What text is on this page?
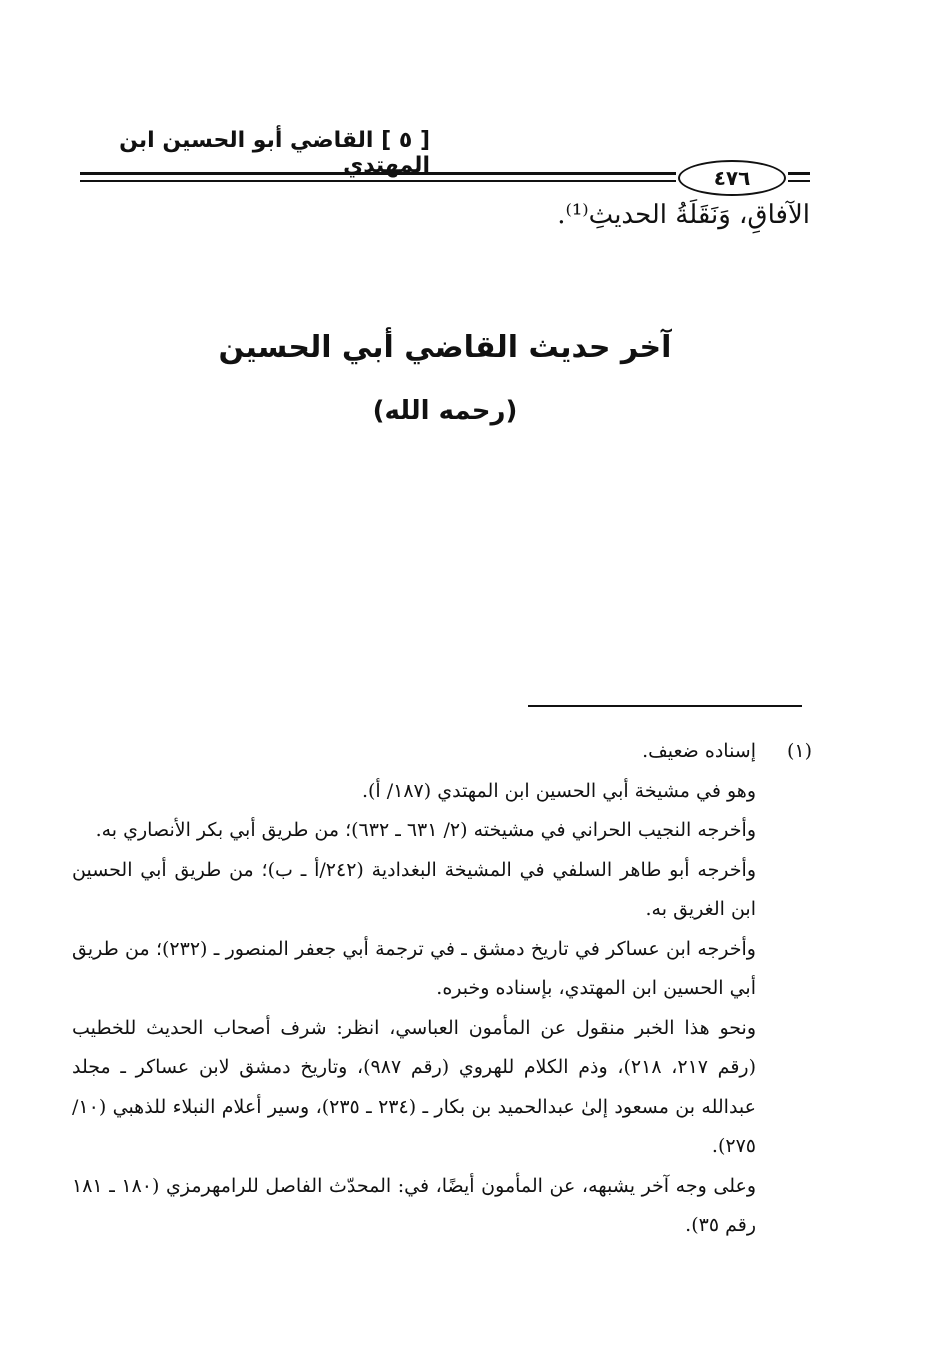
[ ٥ ] القاضي أبو الحسين ابن المهتدي	٤٧٦
الآفاقِ، وَنَقَلَةُ الحديثِ⁽¹⁾.
آخر حديث القاضي أبي الحسين
(رحمه الله)
(١)
إسناده ضعيف.

وهو في مشيخة أبي الحسين ابن المهتدي (١٨٧/ أ).

وأخرجه النجيب الحراني في مشيخته (٢/ ٦٣١ ـ ٦٣٢)؛ من طريق أبي بكر الأنصاري به.

وأخرجه أبو طاهر السلفي في المشيخة البغدادية (٢٤٢/أ ـ ب)؛ من طريق أبي الحسين ابن الغريق به.

وأخرجه ابن عساكر في تاريخ دمشق ـ في ترجمة أبي جعفر المنصور ـ (٢٣٢)؛ من طريق أبي الحسين ابن المهتدي، بإسناده وخبره.

ونحو هذا الخبر منقول عن المأمون العباسي، انظر: شرف أصحاب الحديث للخطيب (رقم ٢١٧، ٢١٨)، وذم الكلام للهروي (رقم ٩٨٧)، وتاريخ دمشق لابن عساكر ـ مجلد عبدالله بن مسعود إلىٰ عبدالحميد بن بكار ـ (٢٣٤ ـ ٢٣٥)، وسير أعلام النبلاء للذهبي (١٠/ ٢٧٥).

وعلى وجه آخر يشبهه، عن المأمون أيضًا، في: المحدّث الفاصل للرامهرمزي (١٨٠ ـ ١٨١ رقم ٣٥).
